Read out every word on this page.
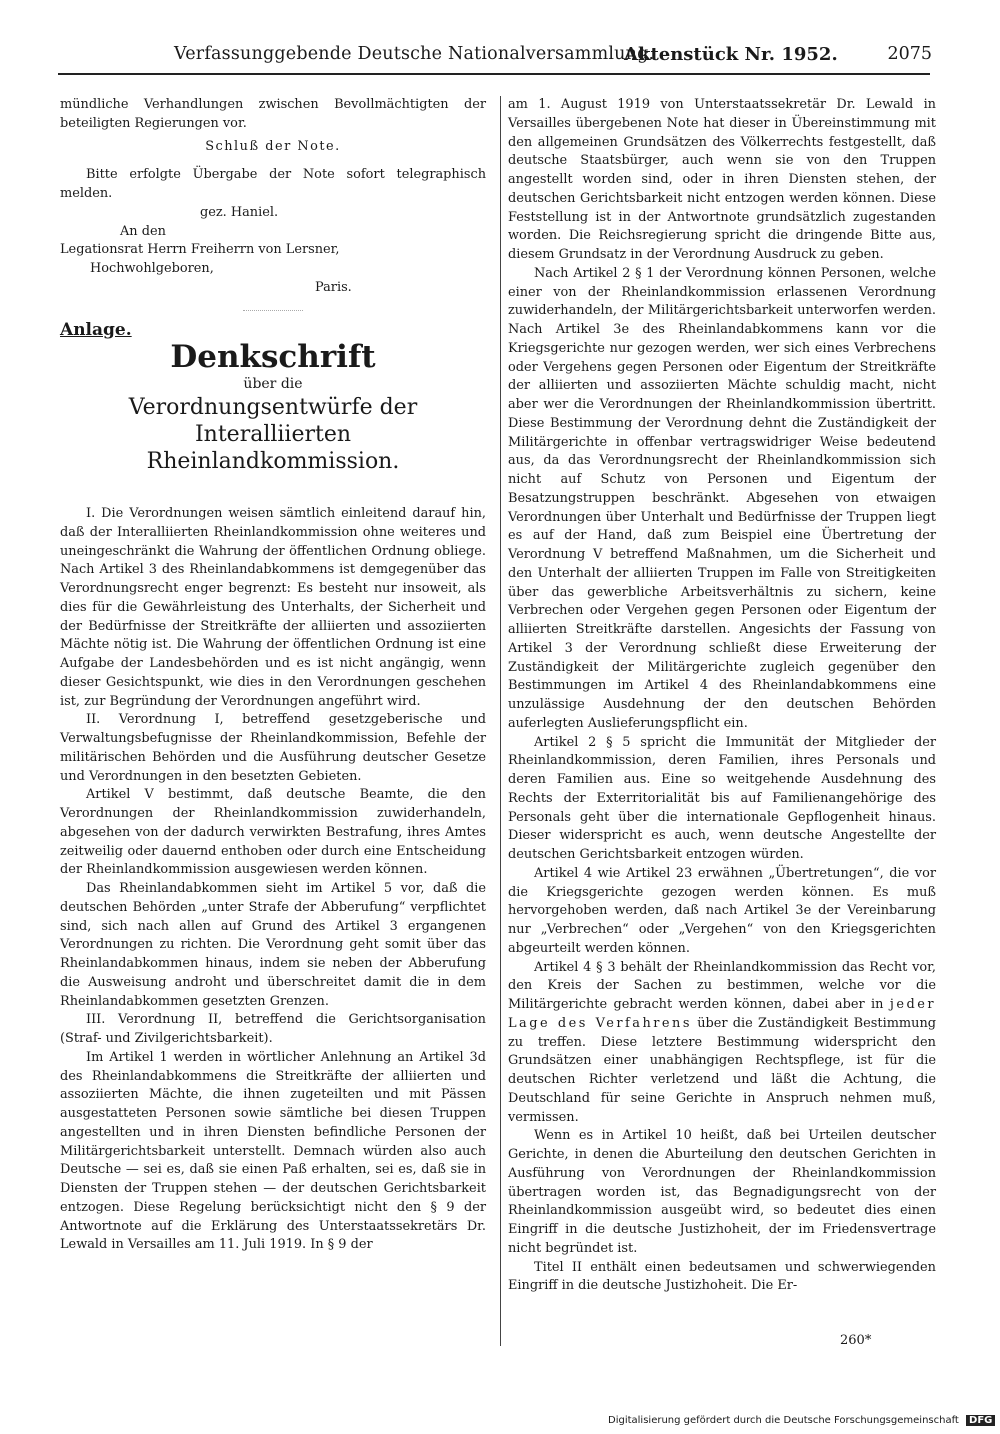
Verfassunggebende Deutsche Nationalversammlung.
Aktenstück Nr. 1952.	2075

mündliche Verhandlungen zwischen Bevollmächtigten der beteiligten Regierungen vor.

Schluß der Note.

Bitte erfolgte Übergabe der Note sofort telegraphisch melden.

gez. Haniel.

An den

Legationsrat Herrn Freiherrn von Lersner,

Hochwohlgeboren,

Paris.

Anlage.

Denkschrift

über die

Verordnungsentwürfe der Interalliierten

Rheinlandkommission.

I. Die Verordnungen weisen sämtlich einleitend darauf hin, daß der Interalliierten Rheinlandkommission ohne weiteres und uneingeschränkt die Wahrung der öffentlichen Ordnung obliege. Nach Artikel 3 des Rheinlandabkommens ist demgegenüber das Verordnungsrecht enger begrenzt: Es besteht nur insoweit, als dies für die Gewährleistung des Unterhalts, der Sicherheit und der Bedürfnisse der Streitkräfte der alliierten und assoziierten Mächte nötig ist. Die Wahrung der öffentlichen Ordnung ist eine Aufgabe der Landesbehörden und es ist nicht angängig, wenn dieser Gesichtspunkt, wie dies in den Verordnungen geschehen ist, zur Begründung der Verordnungen angeführt wird.

II. Verordnung I, betreffend gesetzgeberische und Verwaltungsbefugnisse der Rheinlandkommission, Befehle der militärischen Behörden und die Ausführung deutscher Gesetze und Verordnungen in den besetzten Gebieten.

Artikel V bestimmt, daß deutsche Beamte, die den Verordnungen der Rheinlandkommission zuwiderhandeln, abgesehen von der dadurch verwirkten Bestrafung, ihres Amtes zeitweilig oder dauernd enthoben oder durch eine Entscheidung der Rheinlandkommission ausgewiesen werden können.

Das Rheinlandabkommen sieht im Artikel 5 vor, daß die deutschen Behörden „unter Strafe der Abberufung“ verpflichtet sind, sich nach allen auf Grund des Artikel 3 ergangenen Verordnungen zu richten. Die Verordnung geht somit über das Rheinlandabkommen hinaus, indem sie neben der Abberufung die Ausweisung androht und überschreitet damit die in dem Rheinlandabkommen gesetzten Grenzen.

III. Verordnung II, betreffend die Gerichtsorganisation (Straf- und Zivilgerichtsbarkeit).

Im Artikel 1 werden in wörtlicher Anlehnung an Artikel 3d des Rheinlandabkommens die Streitkräfte der alliierten und assoziierten Mächte, die ihnen zugeteilten und mit Pässen ausgestatteten Personen sowie sämtliche bei diesen Truppen angestellten und in ihren Diensten befindliche Personen der Militärgerichtsbarkeit unterstellt. Demnach würden also auch Deutsche — sei es, daß sie einen Paß erhalten, sei es, daß sie in Diensten der Truppen stehen — der deutschen Gerichtsbarkeit entzogen. Diese Regelung berücksichtigt nicht den § 9 der Antwortnote auf die Erklärung des Unterstaatssekretärs Dr. Lewald in Versailles am 11. Juli 1919. In § 9 der

am 1. August 1919 von Unterstaatssekretär Dr. Lewald in Versailles übergebenen Note hat dieser in Übereinstimmung mit den allgemeinen Grundsätzen des Völkerrechts festgestellt, daß deutsche Staatsbürger, auch wenn sie von den Truppen angestellt worden sind, oder in ihren Diensten stehen, der deutschen Gerichtsbarkeit nicht entzogen werden können. Diese Feststellung ist in der Antwortnote grundsätzlich zugestanden worden. Die Reichsregierung spricht die dringende Bitte aus, diesem Grundsatz in der Verordnung Ausdruck zu geben.

Nach Artikel 2 § 1 der Verordnung können Personen, welche einer von der Rheinlandkommission erlassenen Verordnung zuwiderhandeln, der Militärgerichtsbarkeit unterworfen werden. Nach Artikel 3e des Rheinlandabkommens kann vor die Kriegsgerichte nur gezogen werden, wer sich eines Verbrechens oder Vergehens gegen Personen oder Eigentum der Streitkräfte der alliierten und assoziierten Mächte schuldig macht, nicht aber wer die Verordnungen der Rheinlandkommission übertritt. Diese Bestimmung der Verordnung dehnt die Zuständigkeit der Militärgerichte in offenbar vertragswidriger Weise bedeutend aus, da das Verordnungsrecht der Rheinlandkommission sich nicht auf Schutz von Personen und Eigentum der Besatzungstruppen beschränkt. Abgesehen von etwaigen Verordnungen über Unterhalt und Bedürfnisse der Truppen liegt es auf der Hand, daß zum Beispiel eine Übertretung der Verordnung V betreffend Maßnahmen, um die Sicherheit und den Unterhalt der alliierten Truppen im Falle von Streitigkeiten über das gewerbliche Arbeitsverhältnis zu sichern, keine Verbrechen oder Vergehen gegen Personen oder Eigentum der alliierten Streitkräfte darstellen. Angesichts der Fassung von Artikel 3 der Verordnung schließt diese Erweiterung der Zuständigkeit der Militärgerichte zugleich gegenüber den Bestimmungen im Artikel 4 des Rheinlandabkommens eine unzulässige Ausdehnung der den deutschen Behörden auferlegten Auslieferungspflicht ein.

Artikel 2 § 5 spricht die Immunität der Mitglieder der Rheinlandkommission, deren Familien, ihres Personals und deren Familien aus. Eine so weitgehende Ausdehnung des Rechts der Exterritorialität bis auf Familienangehörige des Personals geht über die internationale Gepflogenheit hinaus. Dieser widerspricht es auch, wenn deutsche Angestellte der deutschen Gerichtsbarkeit entzogen würden.

Artikel 4 wie Artikel 23 erwähnen „Übertretungen“, die vor die Kriegsgerichte gezogen werden können. Es muß hervorgehoben werden, daß nach Artikel 3e der Vereinbarung nur „Verbrechen“ oder „Vergehen“ von den Kriegsgerichten abgeurteilt werden können.

Artikel 4 § 3 behält der Rheinlandkommission das Recht vor, den Kreis der Sachen zu bestimmen, welche vor die Militärgerichte gebracht werden können, dabei aber in jeder Lage des Verfahrens über die Zuständigkeit Bestimmung zu treffen. Diese letztere Bestimmung widerspricht den Grundsätzen einer unabhängigen Rechtspflege, ist für die deutschen Richter verletzend und läßt die Achtung, die Deutschland für seine Gerichte in Anspruch nehmen muß, vermissen.

Wenn es in Artikel 10 heißt, daß bei Urteilen deutscher Gerichte, in denen die Aburteilung den deutschen Gerichten in Ausführung von Verordnungen der Rheinlandkommission übertragen worden ist, das Begnadigungsrecht von der Rheinlandkommission ausgeübt wird, so bedeutet dies einen Eingriff in die deutsche Justizhoheit, der im Friedensvertrage nicht begründet ist.

Titel II enthält einen bedeutsamen und schwerwiegenden Eingriff in die deutsche Justizhoheit. Die Er-

260*
Digitalisierung gefördert durch die Deutsche Forschungsgemeinschaft DFG
